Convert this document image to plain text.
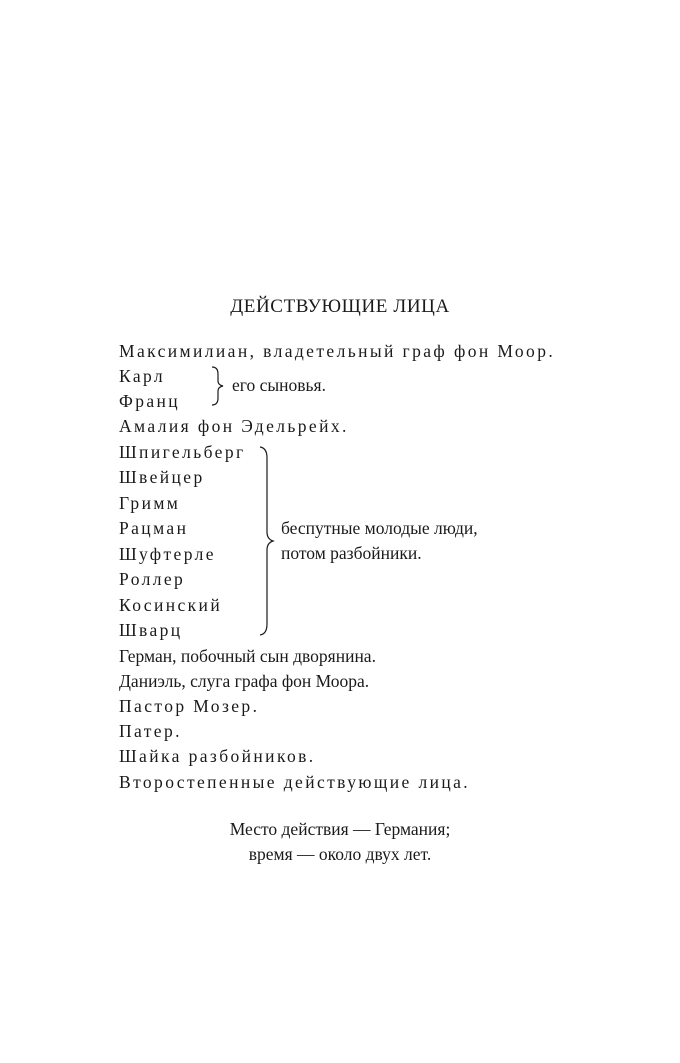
ДЕЙСТВУЮЩИЕ ЛИЦА
Максимилиан, владетельный граф фон Моор.
Карл
Франц
его сыновья.
Амалия фон Эдельрейх.
Шпигельберг
Швейцер
Гримм
Рацман
Шуфтерле
Роллер
Косинский
Шварц
беспутные молодые люди,
потом разбойники.
Герман, побочный сын дворянина.
Даниэль, слуга графа фон Моора.
Пастор Мозер.
Патер.
Шайка разбойников.
Второстепенные действующие лица.
Место действия — Германия;
время — около двух лет.
